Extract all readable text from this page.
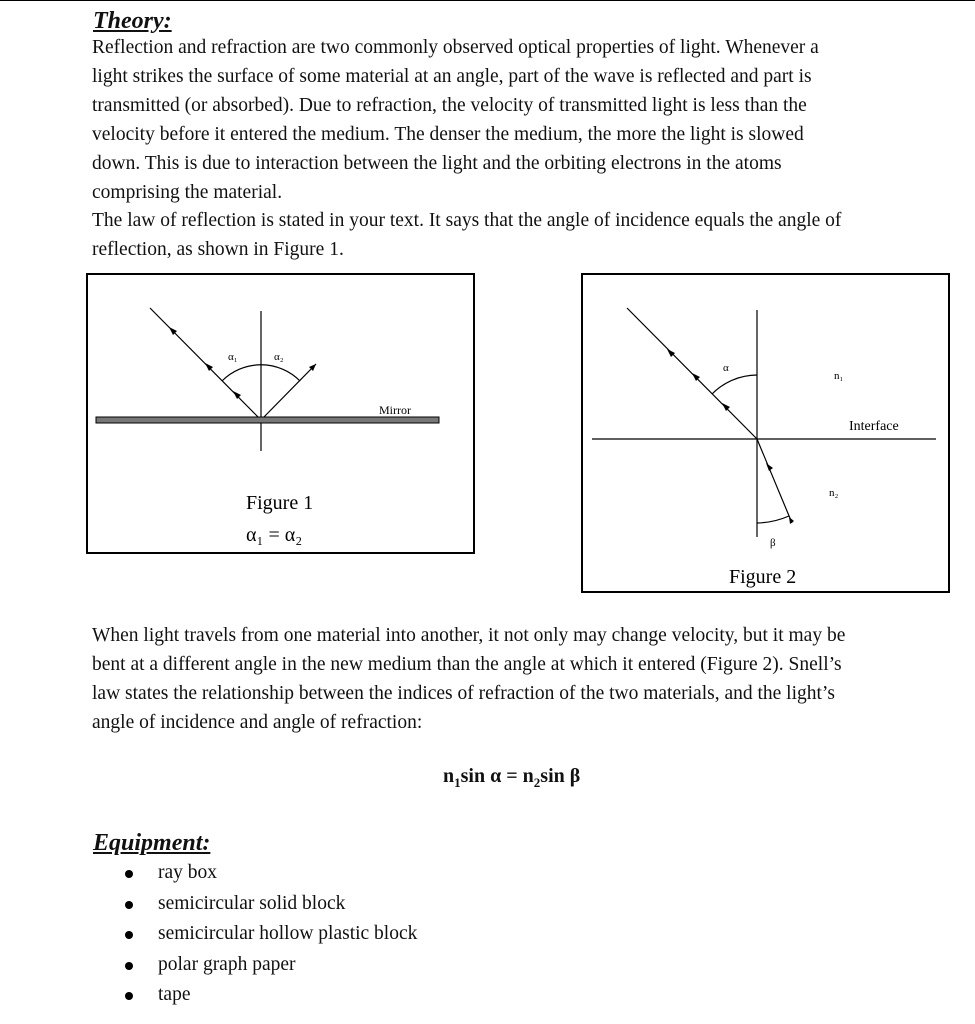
Theory:
Reflection and refraction are two commonly observed optical properties of light. Whenever a
light strikes the surface of some material at an angle, part of the wave is reflected and part is
transmitted (or absorbed). Due to refraction, the velocity of transmitted light is less than the
velocity before it entered the medium. The denser the medium, the more the light is slowed
down. This is due to interaction between the light and the orbiting electrons in the atoms
comprising the material.
The law of reflection is stated in your text. It says that the angle of incidence equals the angle of
reflection, as shown in Figure 1.
α₁	α₂
Mirror
Figure 1
α₁ = α₂
α
n₁
Interface
n₂
β
Figure 2
When light travels from one material into another, it not only may change velocity, but it may be
bent at a different angle in the new medium than the angle at which it entered (Figure 2). Snell’s
law states the relationship between the indices of refraction of the two materials, and the light’s
angle of incidence and angle of refraction:
$n_1\sin$ $\alpha = n_2\sin$ β
Equipment:
ray box
semicircular solid block
semicircular hollow plastic block
polar graph paper
tape
